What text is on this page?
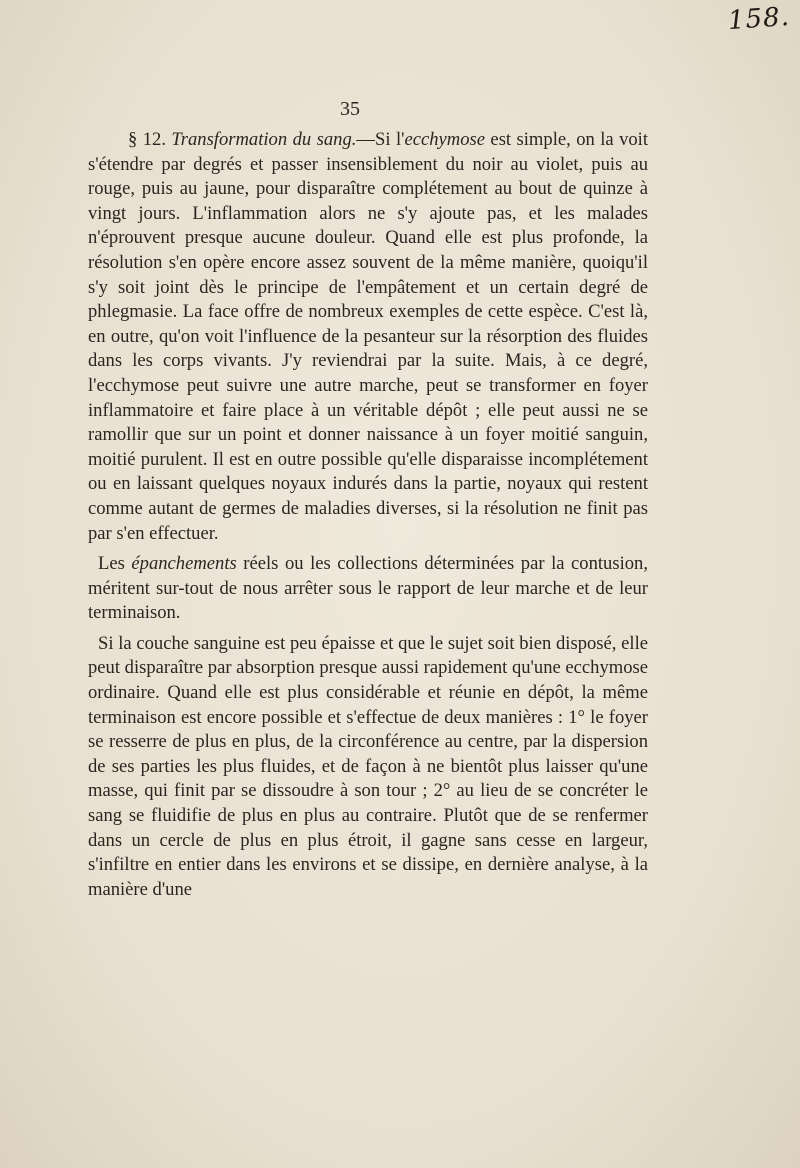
158.
35

§ 12. Transformation du sang.—Si l'ecchymose est simple, on la voit s'étendre par degrés et passer insensiblement du noir au violet, puis au rouge, puis au jaune, pour disparaître complétement au bout de quinze à vingt jours. L'inflammation alors ne s'y ajoute pas, et les malades n'éprouvent presque aucune douleur. Quand elle est plus profonde, la résolution s'en opère encore assez souvent de la même manière, quoiqu'il s'y soit joint dès le principe de l'empâtement et un certain degré de phlegmasie. La face offre de nombreux exemples de cette espèce. C'est là, en outre, qu'on voit l'influence de la pesanteur sur la résorption des fluides dans les corps vivants. J'y reviendrai par la suite. Mais, à ce degré, l'ecchymose peut suivre une autre marche, peut se transformer en foyer inflammatoire et faire place à un véritable dépôt ; elle peut aussi ne se ramollir que sur un point et donner naissance à un foyer moitié sanguin, moitié purulent. Il est en outre possible qu'elle disparaisse incomplétement ou en laissant quelques noyaux indurés dans la partie, noyaux qui restent comme autant de germes de maladies diverses, si la résolution ne finit pas par s'en effectuer.

Les épanchements réels ou les collections déterminées par la contusion, méritent sur-tout de nous arrêter sous le rapport de leur marche et de leur terminaison.

Si la couche sanguine est peu épaisse et que le sujet soit bien disposé, elle peut disparaître par absorption presque aussi rapidement qu'une ecchymose ordinaire. Quand elle est plus considérable et réunie en dépôt, la même terminaison est encore possible et s'effectue de deux manières : 1° le foyer se resserre de plus en plus, de la circonférence au centre, par la dispersion de ses parties les plus fluides, et de façon à ne bientôt plus laisser qu'une masse, qui finit par se dissoudre à son tour ; 2° au lieu de se concréter le sang se fluidifie de plus en plus au contraire. Plutôt que de se renfermer dans un cercle de plus en plus étroit, il gagne sans cesse en largeur, s'infiltre en entier dans les environs et se dissipe, en dernière analyse, à la manière d'une
